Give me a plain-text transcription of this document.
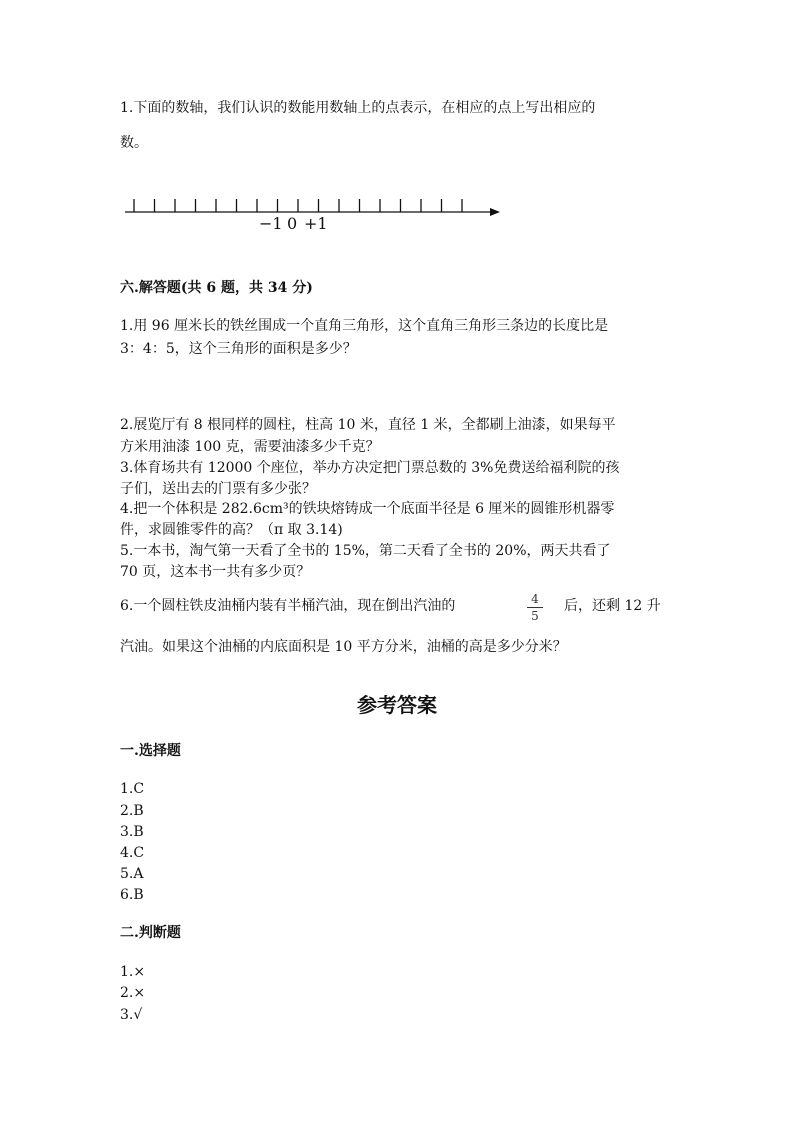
1.下面的数轴，我们认识的数能用数轴上的点表示，在相应的点上写出相应的
数。
−1 0 +1
六.解答题(共 6 题，共 34 分)
1.用 96 厘米长的铁丝围成一个直角三角形，这个直角三角形三条边的长度比是
3：4：5，这个三角形的面积是多少？
2.展览厅有 8 根同样的圆柱，柱高 10 米，直径 1 米，全都刷上油漆，如果每平
方米用油漆 100 克，需要油漆多少千克？
3.体育场共有 12000 个座位，举办方决定把门票总数的 3%免费送给福利院的孩
子们，送出去的门票有多少张？
4.把一个体积是 282.6cm³的铁块熔铸成一个底面半径是 6 厘米的圆锥形机器零
件，求圆锥零件的高？（π 取 3.14)
5.一本书，淘气第一天看了全书的 15%，第二天看了全书的 20%，两天共看了
70 页，这本书一共有多少页？
6.一个圆柱铁皮油桶内装有半桶汽油，现在倒出汽油的	4
5
后，还剩 12 升
汽油。如果这个油桶的内底面积是 10 平方分米，油桶的高是多少分米？
参考答案
一.选择题
1.C
2.B
3.B
4.C
5.A
6.B
二.判断题
1.×
2.×
3.√
